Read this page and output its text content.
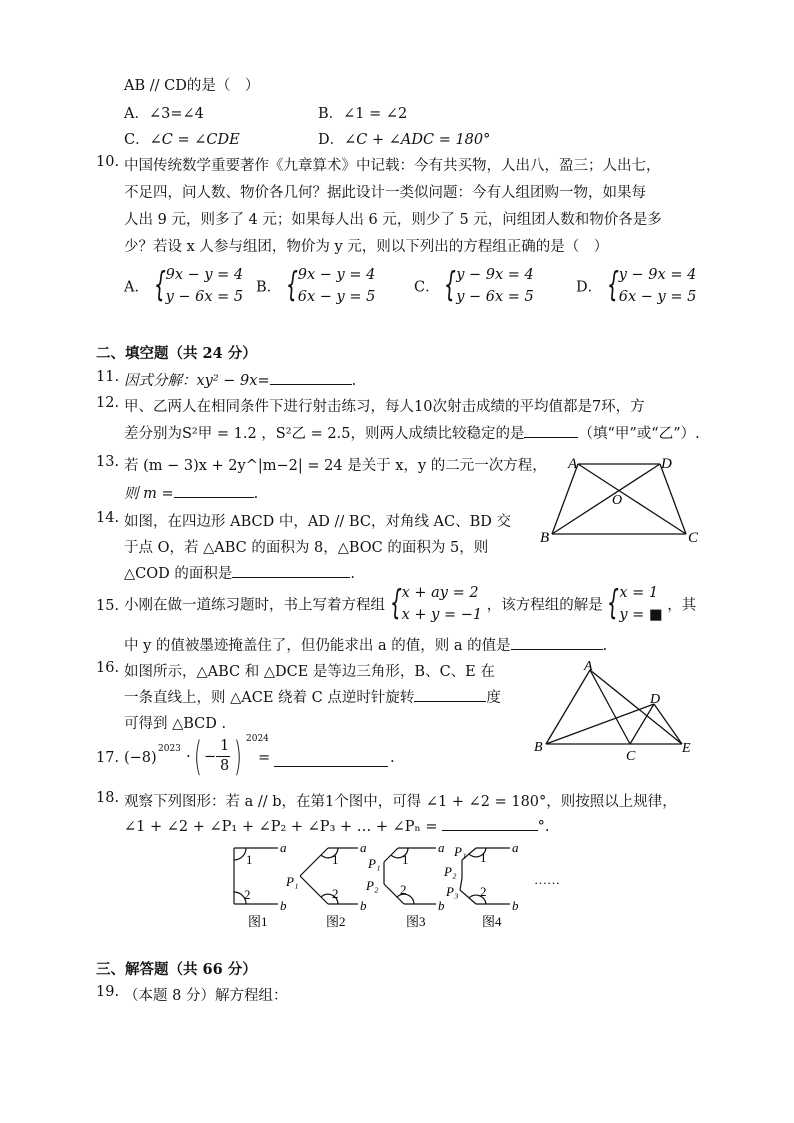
AB // CD的是（　）
A．∠3=∠4	B．∠1 = ∠2
C．∠C = ∠CDE	D．∠C + ∠ADC = 180°
10. 中国传统数学重要著作《九章算术》中记载：今有共买物，人出八，盈三；人出七，
不足四，问人数、物价各几何？据此设计一类似问题：今有人组团购一物，如果每
人出 9 元，则多了 4 元；如果每人出 6 元，则少了 5 元，问组团人数和物价各是多
少？若设 x 人参与组团，物价为 y 元，则以下列出的方程组正确的是（　）
A． { 9x − y = 4
y − 6x = 5
B． { 9x − y = 4
6x − y = 5
C． { y − 9x = 4
y − 6x = 5
D． { y − 9x = 4
6x − y = 5
二、填空题（共 24 分）
11. 因式分解：xy² − 9x=	.
12. 甲、乙两人在相同条件下进行射击练习，每人10次射击成绩的平均值都是7环，方
差分别为S²甲 = 1.2 ，S²乙 = 2.5，则两人成绩比较稳定的是	（填“甲”或“乙”）.
13. 若 (m − 3)x + 2y^|m−2| = 24 是关于 x，y 的二元一次方程，
则 m =	.
14. 如图，在四边形 ABCD 中，AD // BC，对角线 AC、BD 交
于点 O，若 △ABC 的面积为 8，△BOC 的面积为 5，则
△COD 的面积是	.
A	D
B	C
O
15. 小刚在做一道练习题时，书上写着方程组 { x + ay = 2
x + y = −1
，该方程组的解是 { x = 1
y = ■
，其
中 y 的值被墨迹掩盖住了，但仍能求出 a 的值，则 a 的值是	.
16. 如图所示，△ABC 和 △DCE 是等边三角形，B、C、E 在
一条直线上，则 △ACE 绕着 C 点逆时针旋转	度
可得到 △BCD .
A
B
C
D
E
17. (−8)
2023 · ( −
1
8 ) 2024
=	.
18. 观察下列图形：若 a // b，在第1个图中，可得 ∠1 + ∠2 = 180°，则按照以上规律，
∠1 + ∠2 + ∠P₁ + ∠P₂ + ∠P₃ + … + ∠Pₙ =	°.
a
b
1
2
a
b
1
2
P₁
a
b
1
2
P₁
P₂
a
b
1
2
P₁
P₂
P₃
……
图1	图2	图3	图4
三、解答题（共 66 分）
19. （本题 8 分）解方程组：
